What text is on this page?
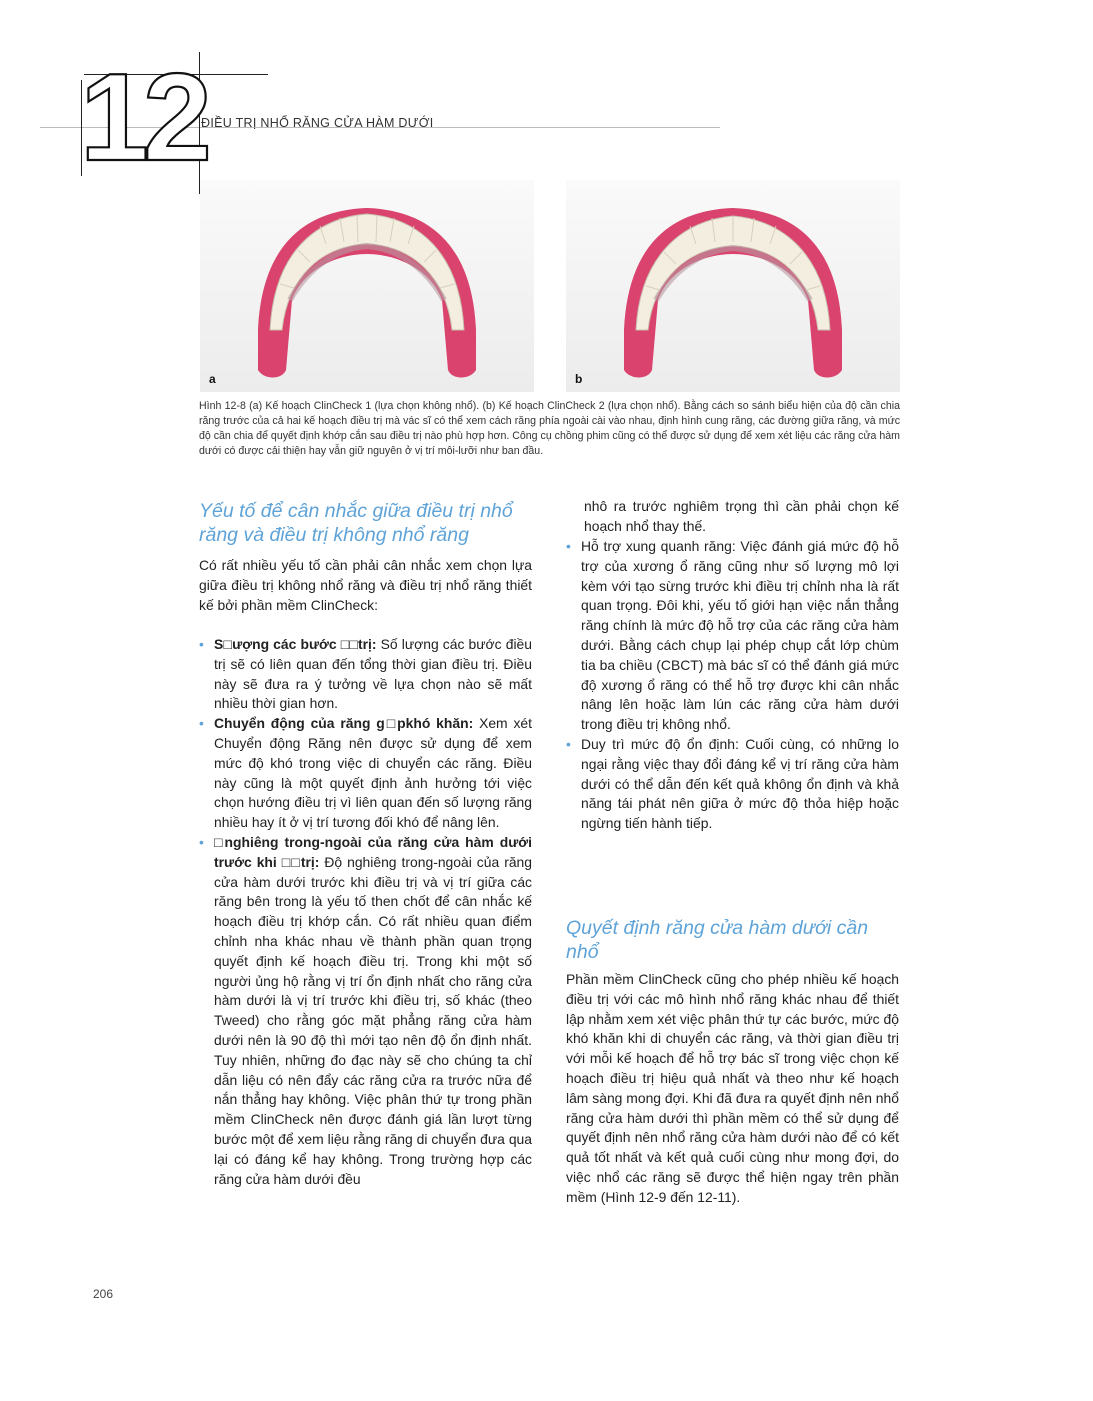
12
ĐIỀU TRỊ NHỔ RĂNG CỬA HÀM DƯỚI
a	b
Hình 12-8 (a) Kế hoạch ClinCheck 1 (lựa chọn không nhổ). (b) Kế hoạch ClinCheck 2 (lựa chọn nhổ). Bằng cách so sánh biểu hiện của độ cần chia răng trước của cả hai kế hoạch điều trị mà vác sĩ có thể xem cách răng phía ngoài cài vào nhau, định hình cung răng, các đường giữa răng, và mức độ cần chia để quyết định khớp cắn sau điều trị nào phù hợp hơn. Công cụ chồng phim cũng có thể được sử dụng để xem xét liệu các răng cửa hàm dưới có được cải thiện hay vẫn giữ nguyên ở vị trí môi-lưỡi như ban đầu.
Yếu tố để cân nhắc giữa điều trị nhổ răng và điều trị không nhổ răng
Có rất nhiều yếu tố cần phải cân nhắc xem chọn lựa giữa điều trị không nhổ răng và điều trị nhổ răng thiết kế bởi phần mềm ClinCheck:
• S□ượng các bước □□trị: Số lượng các bước điều trị sẽ có liên quan đến tổng thời gian điều trị. Điều này sẽ đưa ra ý tưởng về lựa chọn nào sẽ mất nhiều thời gian hơn.
• Chuyển động của răng g□pkhó khăn: Xem xét Chuyển động Răng nên được sử dụng để xem mức độ khó trong việc di chuyển các răng. Điều này cũng là một quyết định ảnh hưởng tới việc chọn hướng điều trị vì liên quan đến số lượng răng nhiều hay ít ở vị trí tương đối khó để nâng lên.
• □nghiêng trong-ngoài của răng cửa hàm dưới trước khi □□trị: Độ nghiêng trong-ngoài của răng cửa hàm dưới trước khi điều trị và vị trí giữa các răng bên trong là yếu tố then chốt để cân nhắc kế hoạch điều trị khớp cắn. Có rất nhiều quan điểm chỉnh nha khác nhau về thành phần quan trọng quyết định kế hoạch điều trị. Trong khi một số người ủng hộ rằng vị trí ổn định nhất cho răng cửa hàm dưới là vị trí trước khi điều trị, số khác (theo Tweed) cho rằng góc mặt phẳng răng cửa hàm dưới nên là 90 độ thì mới tạo nên độ ổn định nhất. Tuy nhiên, những đo đạc này sẽ cho chúng ta chỉ dẫn liệu có nên đẩy các răng cửa ra trước nữa để nắn thẳng hay không. Việc phân thứ tự trong phần mềm ClinCheck nên được đánh giá lần lượt từng bước một để xem liệu rằng răng di chuyển đưa qua lại có đáng kể hay không. Trong trường hợp các răng cửa hàm dưới đều
nhô ra trước nghiêm trọng thì cần phải chọn kế hoạch nhổ thay thế.
• Hỗ trợ xung quanh răng: Việc đánh giá mức độ hỗ trợ của xương ổ răng cũng như số lượng mô lợi kèm với tạo sừng trước khi điều trị chỉnh nha là rất quan trọng. Đôi khi, yếu tố giới hạn việc nắn thẳng răng chính là mức độ hỗ trợ của các răng cửa hàm dưới. Bằng cách chụp lại phép chụp cắt lớp chùm tia ba chiều (CBCT) mà bác sĩ có thể đánh giá mức độ xương ổ răng có thể hỗ trợ được khi cân nhắc nâng lên hoặc làm lún các răng cửa hàm dưới trong điều trị không nhổ.
• Duy trì mức độ ổn định: Cuối cùng, có những lo ngại rằng việc thay đổi đáng kể vị trí răng cửa hàm dưới có thể dẫn đến kết quả không ổn định và khả năng tái phát nên giữa ở mức độ thỏa hiệp hoặc ngừng tiến hành tiếp.
Quyết định răng cửa hàm dưới cần nhổ
Phần mềm ClinCheck cũng cho phép nhiều kế hoạch điều trị với các mô hình nhổ răng khác nhau để thiết lập nhằm xem xét việc phân thứ tự các bước, mức độ khó khăn khi di chuyển các răng, và thời gian điều trị với mỗi kế hoạch để hỗ trợ bác sĩ trong việc chọn kế hoạch điều trị hiệu quả nhất và theo như kế hoạch lâm sàng mong đợi. Khi đã đưa ra quyết định nên nhổ răng cửa hàm dưới thì phần mềm có thể sử dụng để quyết định nên nhổ răng cửa hàm dưới nào để có kết quả tốt nhất và kết quả cuối cùng như mong đợi, do việc nhổ các răng sẽ được thể hiện ngay trên phần mềm (Hình 12-9 đến 12-11).
206
